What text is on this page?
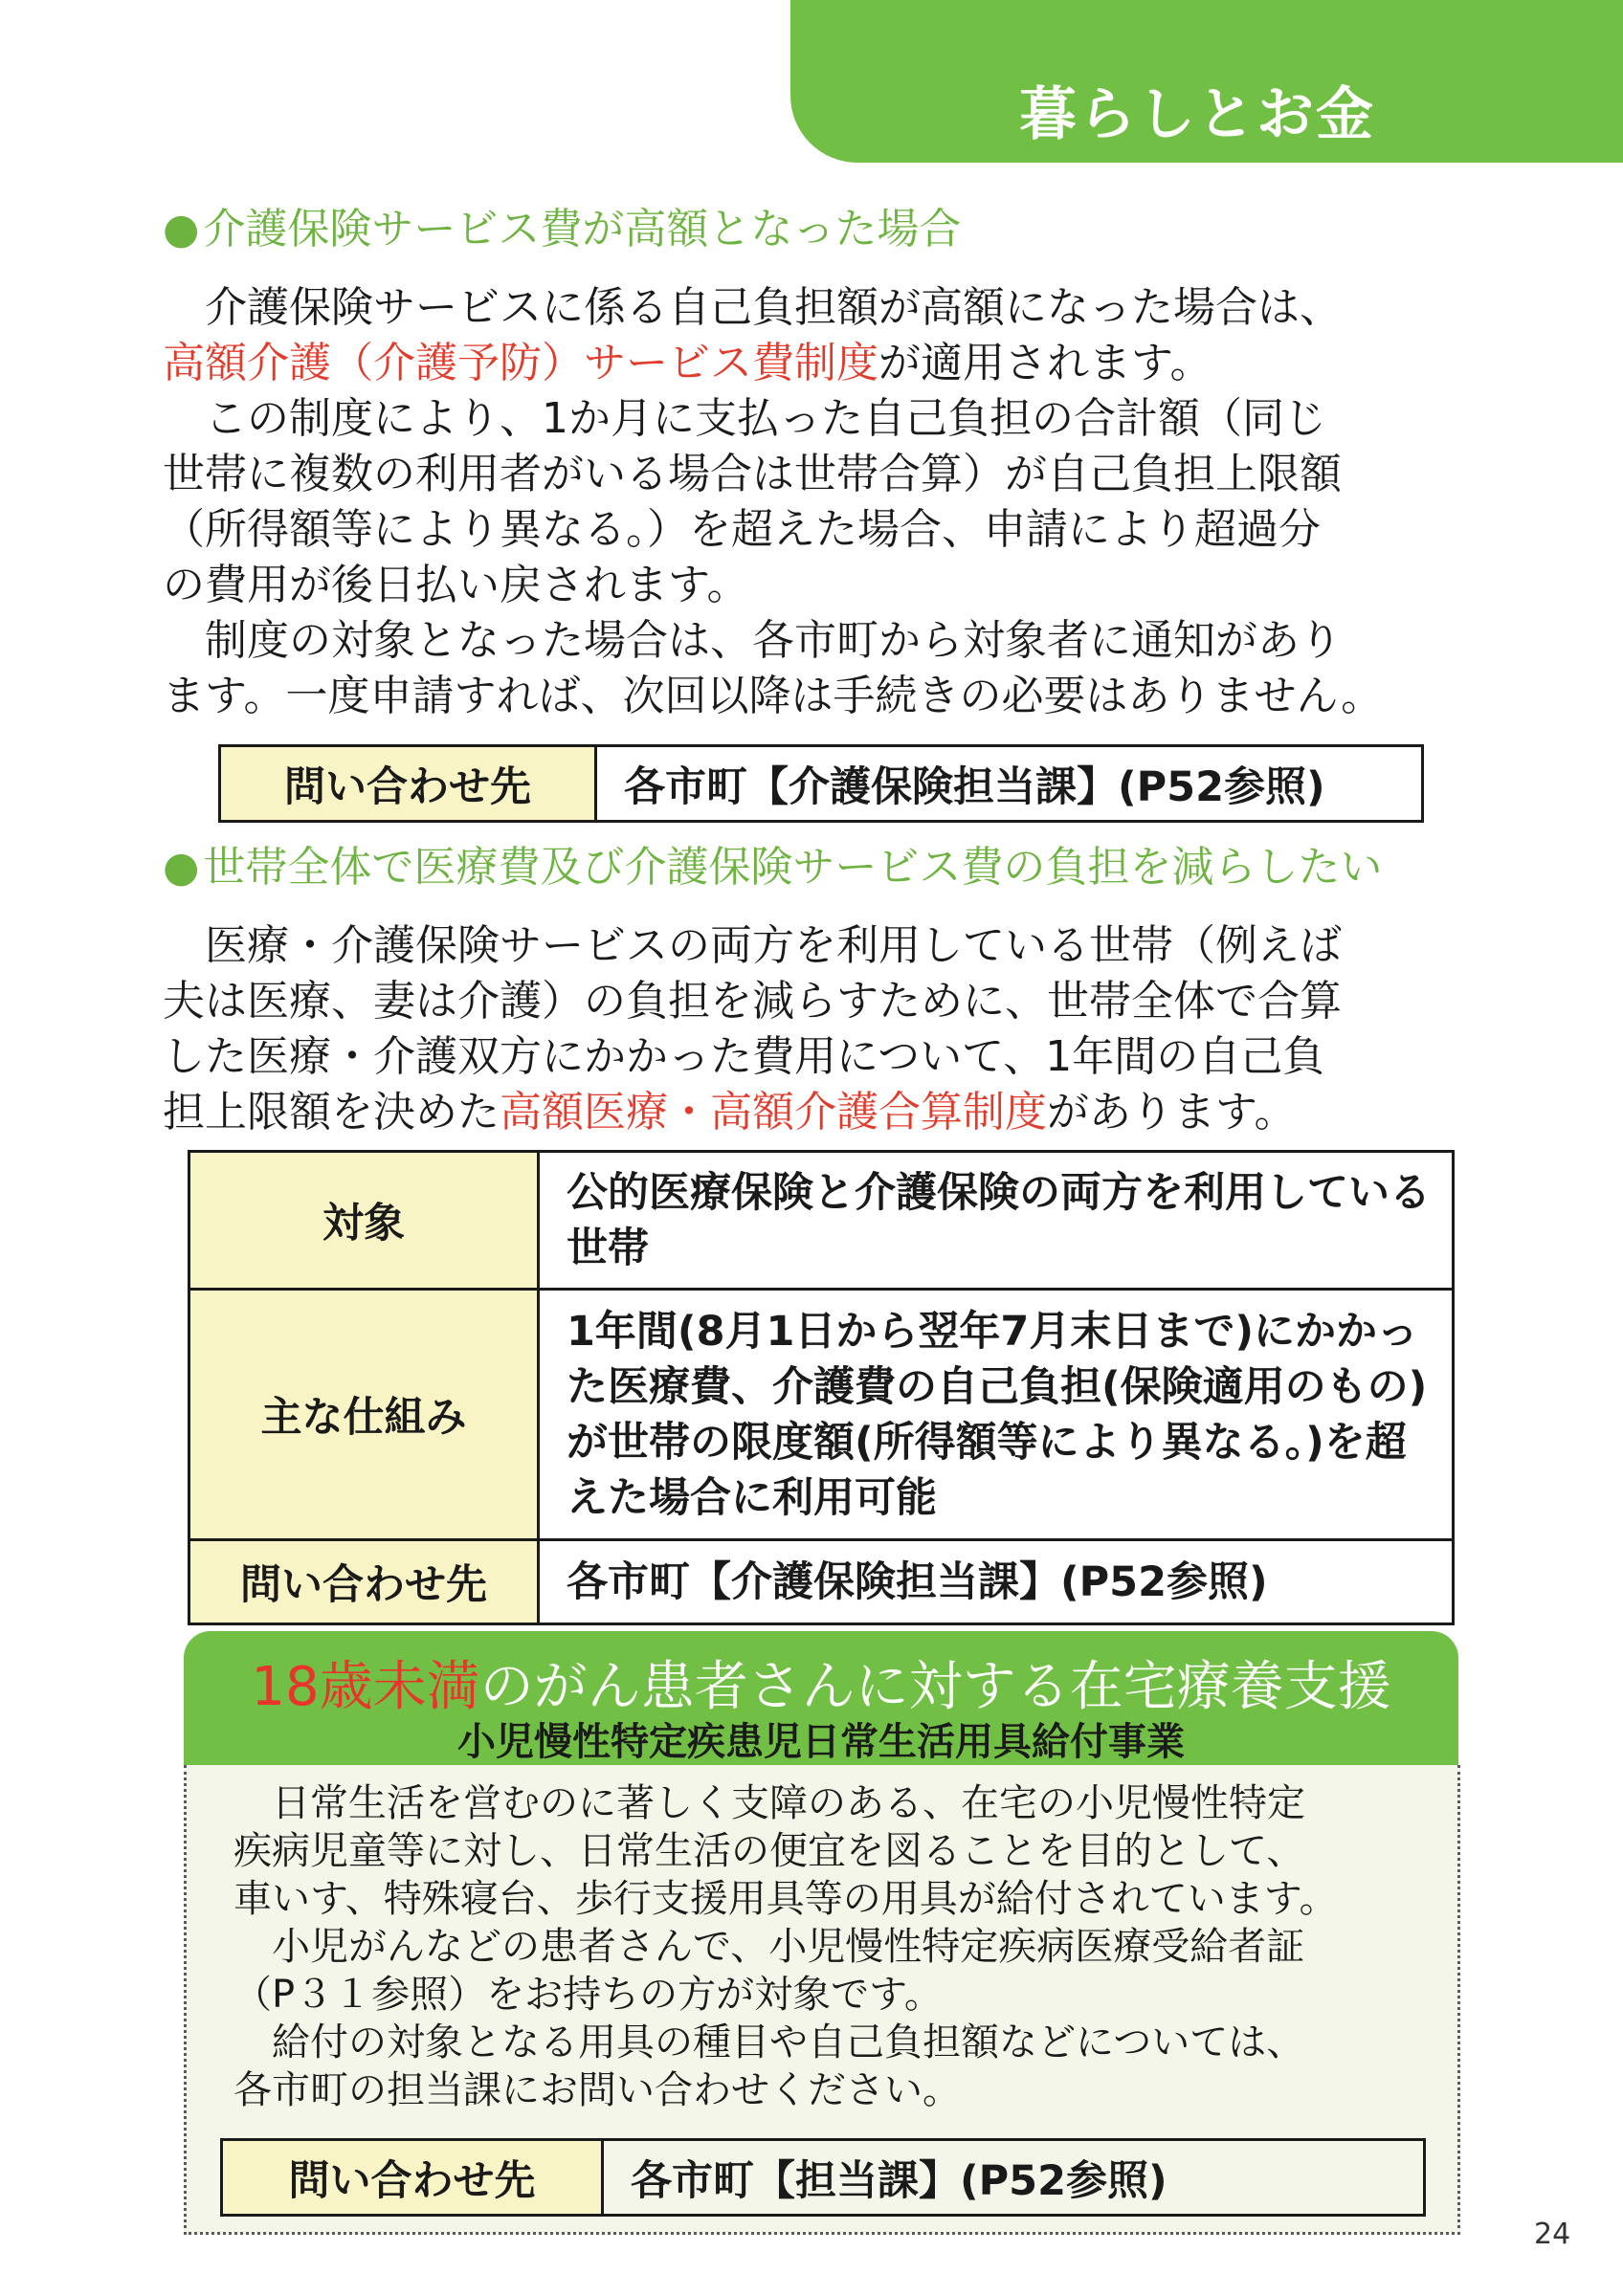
暮らしとお金
●介護保険サービス費が高額となった場合
　介護保険サービスに係る自己負担額が高額になった場合は、
高額介護（介護予防）サービス費制度が適用されます。
　この制度により、1か月に支払った自己負担の合計額（同じ
世帯に複数の利用者がいる場合は世帯合算）が自己負担上限額
（所得額等により異なる。）を超えた場合、申請により超過分
の費用が後日払い戻されます。
　制度の対象となった場合は、各市町から対象者に通知があり
ます。一度申請すれば、次回以降は手続きの必要はありません。
問い合わせ先	各市町【介護保険担当課】(P52参照)
●世帯全体で医療費及び介護保険サービス費の負担を減らしたい
　医療・介護保険サービスの両方を利用している世帯（例えば
夫は医療、妻は介護）の負担を減らすために、世帯全体で合算
した医療・介護双方にかかった費用について、1年間の自己負
担上限額を決めた高額医療・高額介護合算制度があります。
対象	公的医療保険と介護保険の両方を利用している世帯
主な仕組み	1年間(8月1日から翌年7月末日まで)にかかった医療費、介護費の自己負担(保険適用のもの)が世帯の限度額(所得額等により異なる。)を超えた場合に利用可能
問い合わせ先	各市町【介護保険担当課】(P52参照)
18歳未満のがん患者さんに対する在宅療養支援
小児慢性特定疾患児日常生活用具給付事業
　日常生活を営むのに著しく支障のある、在宅の小児慢性特定
疾病児童等に対し、日常生活の便宜を図ることを目的として、
車いす、特殊寝台、歩行支援用具等の用具が給付されています。
　小児がんなどの患者さんで、小児慢性特定疾病医療受給者証
（P３１参照）をお持ちの方が対象です。
　給付の対象となる用具の種目や自己負担額などについては、
各市町の担当課にお問い合わせください。
問い合わせ先	各市町【担当課】(P52参照)
24
